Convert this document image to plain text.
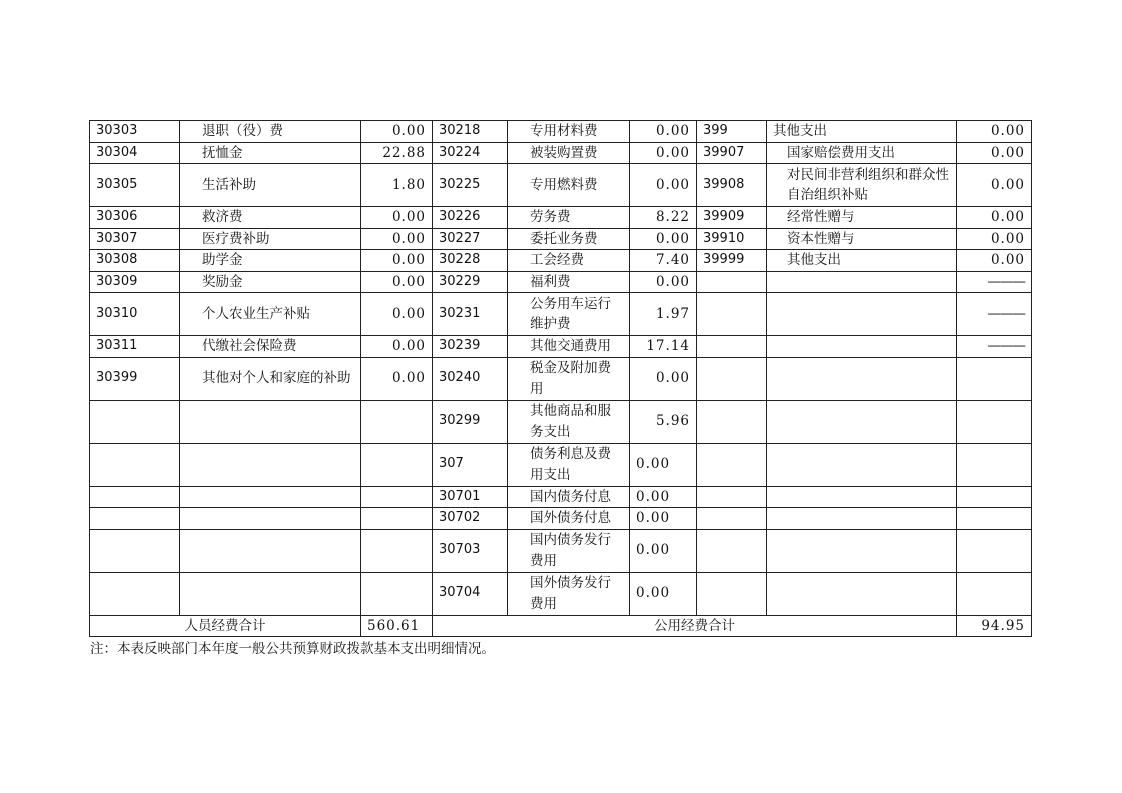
30303	退职（役）费	0.00	30218	专用材料费	0.00	399	其他支出	0.00
30304	抚恤金	22.88	30224	被装购置费	0.00	39907	国家赔偿费用支出	0.00
30305	生活补助	1.80	30225	专用燃料费	0.00	39908	对民间非营利组织和群众性自治组织补贴	0.00
30306	救济费	0.00	30226	劳务费	8.22	39909	经常性赠与	0.00
30307	医疗费补助	0.00	30227	委托业务费	0.00	39910	资本性赠与	0.00
30308	助学金	0.00	30228	工会经费	7.40	39999	其他支出	0.00
30309	奖励金	0.00	30229	福利费	0.00			———
30310	个人农业生产补贴	0.00	30231	公务用车运行维护费	1.97			———
30311	代缴社会保险费	0.00	30239	其他交通费用	17.14			———
30399	其他对个人和家庭的补助	0.00	30240	税金及附加费用	0.00			
			30299	其他商品和服务支出	5.96			
			307	债务利息及费用支出	0.00			
			30701	国内债务付息	0.00			
			30702	国外债务付息	0.00			
			30703	国内债务发行费用	0.00			
			30704	国外债务发行费用	0.00			
人员经费合计		560.61	公用经费合计					94.95
注：本表反映部门本年度一般公共预算财政拨款基本支出明细情况。
